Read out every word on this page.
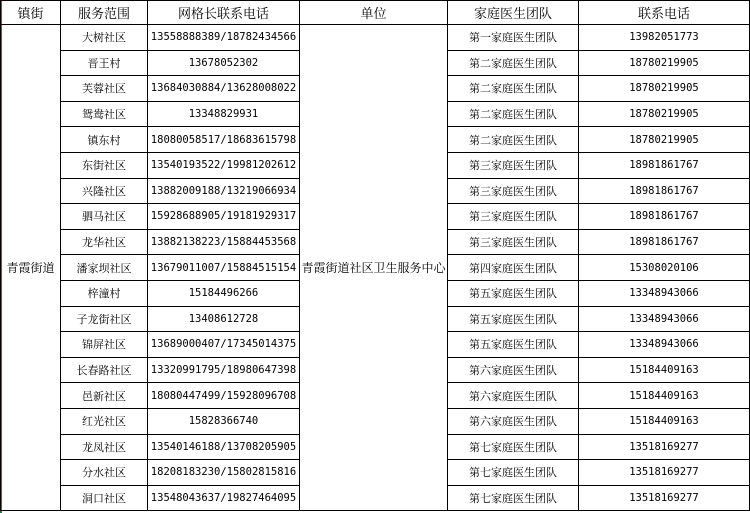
镇街	服务范围	网格长联系电话	单位	家庭医生团队	联系电话
青霞街道	大树社区	13558888389/18782434566	青霞街道社区卫生服务中心	第一家庭医生团队	13982051773
	晋王村	13678052302		第二家庭医生团队	18780219905
	芙蓉社区	13684030884/13628008022		第二家庭医生团队	18780219905
	鸳鸯社区	13348829931		第二家庭医生团队	18780219905
	镇东村	18080058517/18683615798		第二家庭医生团队	18780219905
	东街社区	13540193522/19981202612		第三家庭医生团队	18981861767
	兴隆社区	13882009188/13219066934		第三家庭医生团队	18981861767
	驷马社区	15928688905/19181929317		第三家庭医生团队	18981861767
	龙华社区	13882138223/15884453568		第三家庭医生团队	18981861767
	潘家坝社区	13679011007/15884515154		第四家庭医生团队	15308020106
	梓潼村	15184496266		第五家庭医生团队	13348943066
	子龙街社区	13408612728		第五家庭医生团队	13348943066
	锦屏社区	13689000407/17345014375		第五家庭医生团队	13348943066
	长春路社区	13320991795/18980647398		第六家庭医生团队	15184409163
	邑新社区	18080447499/15928096708		第六家庭医生团队	15184409163
	红光社区	15828366740		第六家庭医生团队	15184409163
	龙凤社区	13540146188/13708205905		第七家庭医生团队	13518169277
	分水社区	18208183230/15802815816		第七家庭医生团队	13518169277
	洞口社区	13548043637/19827464095		第七家庭医生团队	13518169277
